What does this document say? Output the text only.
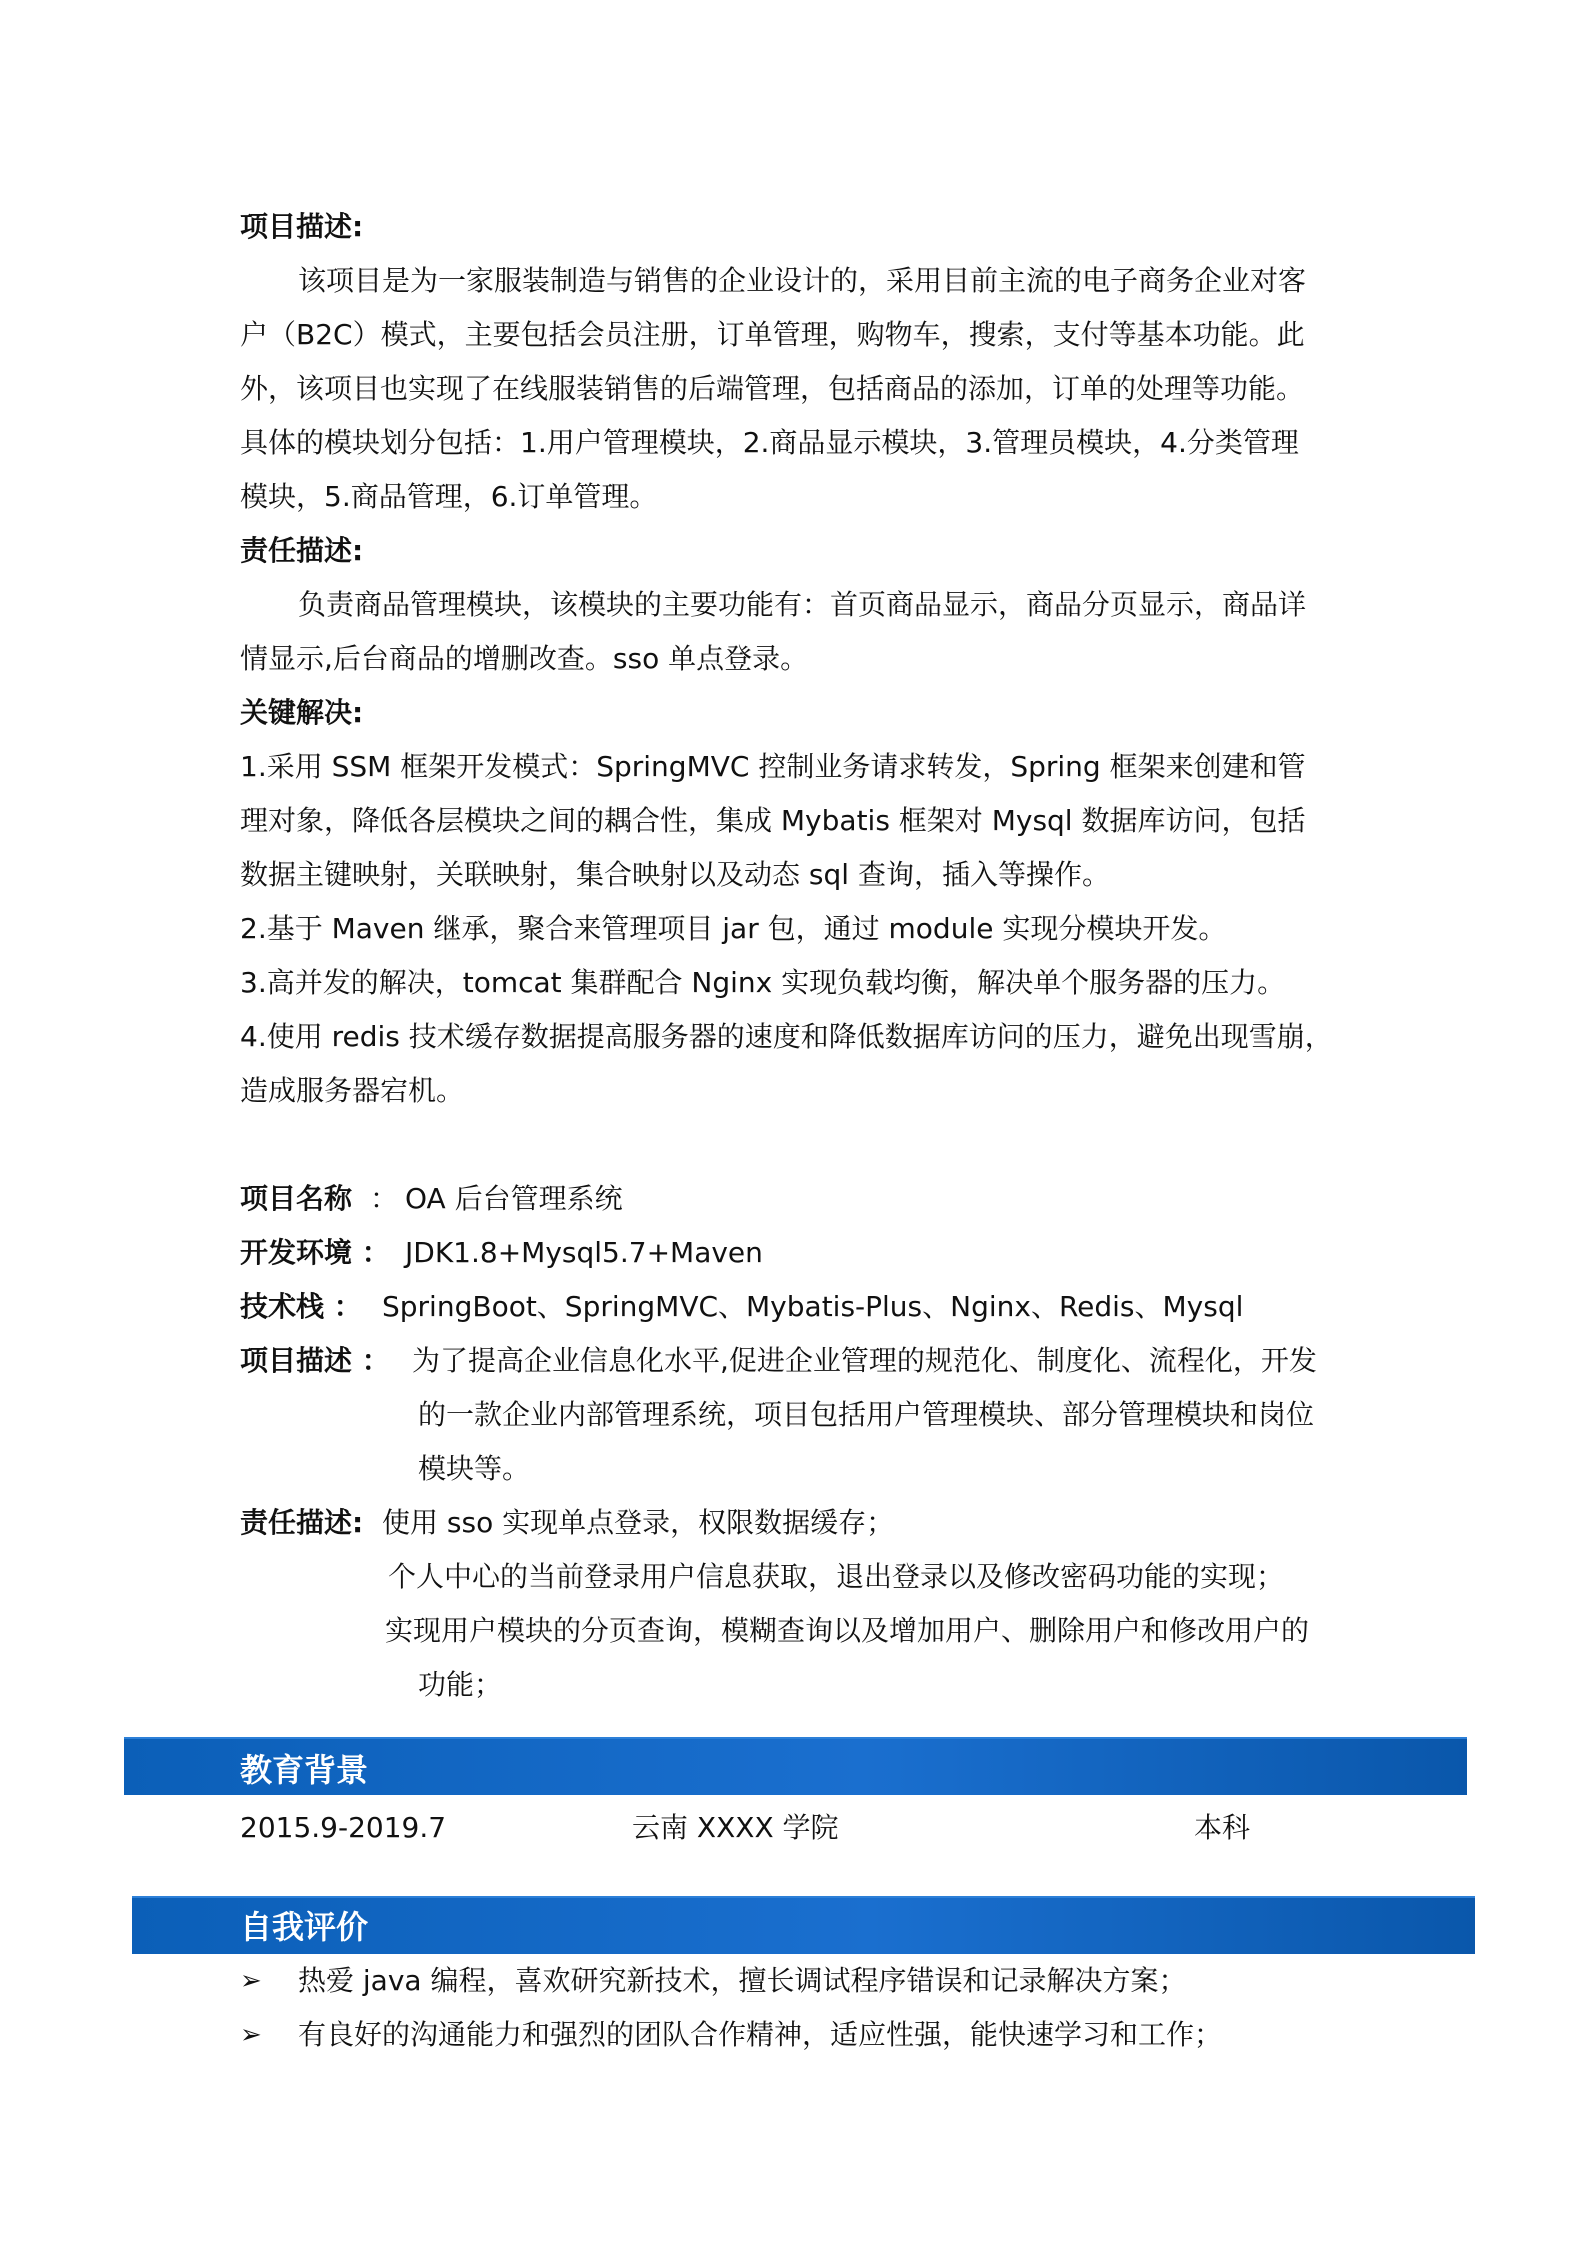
项目描述:
该项目是为一家服装制造与销售的企业设计的，采用目前主流的电子商务企业对客
户（B2C）模式，主要包括会员注册，订单管理，购物车，搜索，支付等基本功能。此
外，该项目也实现了在线服装销售的后端管理，包括商品的添加，订单的处理等功能。
具体的模块划分包括：1.用户管理模块，2.商品显示模块，3.管理员模块，4.分类管理
模块，5.商品管理，6.订单管理。
责任描述:
负责商品管理模块，该模块的主要功能有：首页商品显示，商品分页显示，商品详
情显示,后台商品的增删改查。sso 单点登录。
关键解决:
1.采用 SSM 框架开发模式：SpringMVC 控制业务请求转发，Spring 框架来创建和管
理对象，降低各层模块之间的耦合性，集成 Mybatis 框架对 Mysql 数据库访问，包括
数据主键映射，关联映射，集合映射以及动态 sql 查询，插入等操作。
2.基于 Maven 继承，聚合来管理项目 jar 包，通过 module 实现分模块开发。
3.高并发的解决，tomcat 集群配合 Nginx 实现负载均衡，解决单个服务器的压力。
4.使用 redis 技术缓存数据提高服务器的速度和降低数据库访问的压力，避免出现雪崩，
造成服务器宕机。
项目名称 ： OA 后台管理系统
开发环境 ： JDK1.8+Mysql5.7+Maven
技术栈 ： SpringBoot、SpringMVC、Mybatis-Plus、Nginx、Redis、Mysql
项目描述 ： 为了提高企业信息化水平,促进企业管理的规范化、制度化、流程化，开发
的一款企业内部管理系统，项目包括用户管理模块、部分管理模块和岗位
模块等。
责任描述: 使用 sso 实现单点登录，权限数据缓存；
个人中心的当前登录用户信息获取，退出登录以及修改密码功能的实现；
实现用户模块的分页查询，模糊查询以及增加用户、删除用户和修改用户的
功能；
教育背景
2015.9-2019.7	云南 XXXX 学院	本科
自我评价
➢ 热爱 java 编程，喜欢研究新技术，擅长调试程序错误和记录解决方案；
➢ 有良好的沟通能力和强烈的团队合作精神，适应性强，能快速学习和工作；
